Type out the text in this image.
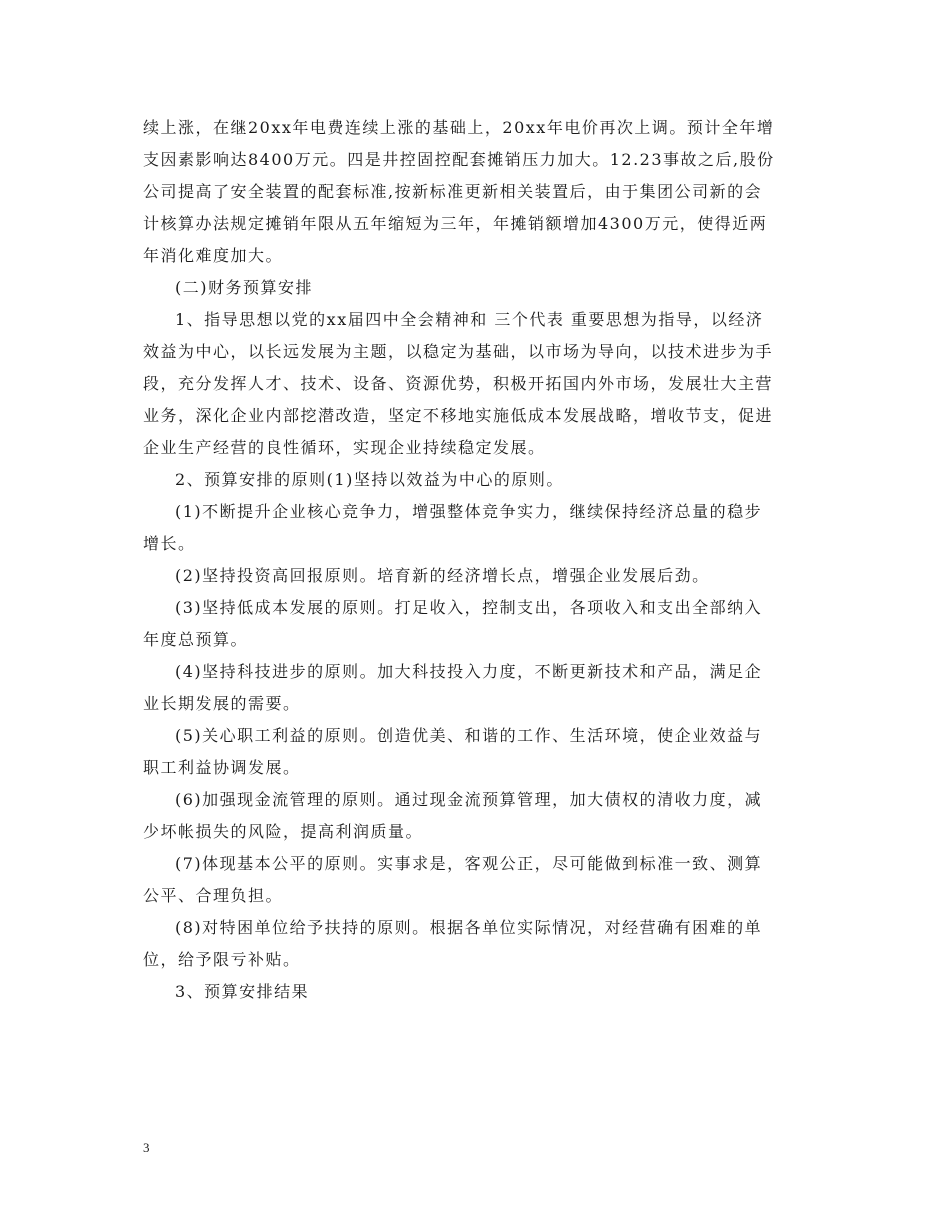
续上涨，在继20xx年电费连续上涨的基础上，20xx年电价再次上调。预计全年增
支因素影响达8400万元。四是井控固控配套摊销压力加大。12.23事故之后,股份
公司提高了安全装置的配套标准,按新标准更新相关装置后，由于集团公司新的会
计核算办法规定摊销年限从五年缩短为三年，年摊销额增加4300万元，使得近两
年消化难度加大。

(二)财务预算安排

1、指导思想以党的xx届四中全会精神和 三个代表 重要思想为指导，以经济
效益为中心，以长远发展为主题，以稳定为基础，以市场为导向，以技术进步为手
段，充分发挥人才、技术、设备、资源优势，积极开拓国内外市场，发展壮大主营
业务，深化企业内部挖潜改造，坚定不移地实施低成本发展战略，增收节支，促进
企业生产经营的良性循环，实现企业持续稳定发展。

2、预算安排的原则(1)坚持以效益为中心的原则。

(1)不断提升企业核心竞争力，增强整体竞争实力，继续保持经济总量的稳步
增长。

(2)坚持投资高回报原则。培育新的经济增长点，增强企业发展后劲。

(3)坚持低成本发展的原则。打足收入，控制支出，各项收入和支出全部纳入
年度总预算。

(4)坚持科技进步的原则。加大科技投入力度，不断更新技术和产品，满足企
业长期发展的需要。

(5)关心职工利益的原则。创造优美、和谐的工作、生活环境，使企业效益与
职工利益协调发展。

(6)加强现金流管理的原则。通过现金流预算管理，加大债权的清收力度，减
少坏帐损失的风险，提高利润质量。

(7)体现基本公平的原则。实事求是，客观公正，尽可能做到标准一致、测算
公平、合理负担。

(8)对特困单位给予扶持的原则。根据各单位实际情况，对经营确有困难的单
位，给予限亏补贴。

3、预算安排结果

3
